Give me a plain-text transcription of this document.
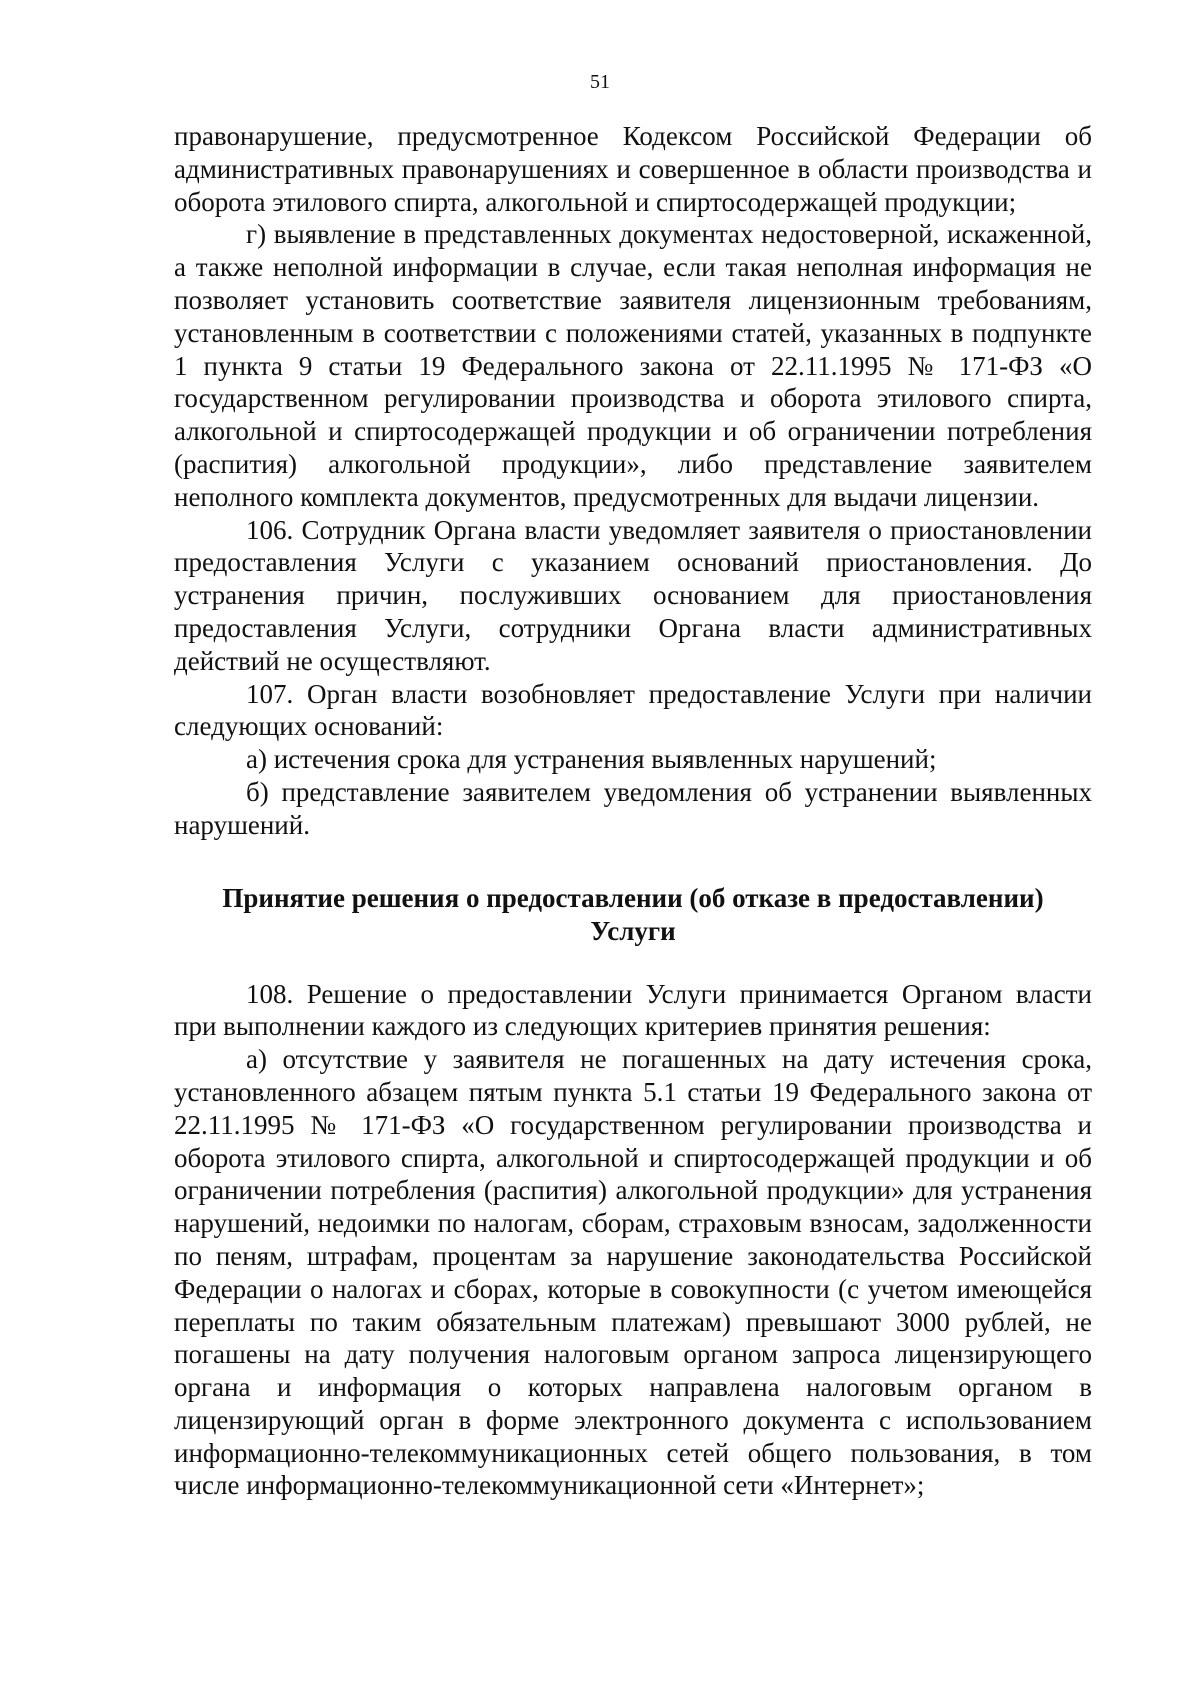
51

правонарушение, предусмотренное Кодексом Российской Федерации об административных правонарушениях и совершенное в области производства и оборота этилового спирта, алкогольной и спиртосодержащей продукции;

г) выявление в представленных документах недостоверной, искаженной, а также неполной информации в случае, если такая неполная информация не позволяет установить соответствие заявителя лицензионным требованиям, установленным в соответствии с положениями статей, указанных в подпункте 1 пункта 9 статьи 19 Федерального закона от 22.11.1995 № 171-ФЗ «О государственном регулировании производства и оборота этилового спирта, алкогольной и спиртосодержащей продукции и об ограничении потребления (распития) алкогольной продукции», либо представление заявителем неполного комплекта документов, предусмотренных для выдачи лицензии.

106. Сотрудник Органа власти уведомляет заявителя о приостановлении предоставления Услуги с указанием оснований приостановления. До устранения причин, послуживших основанием для приостановления предоставления Услуги, сотрудники Органа власти административных действий не осуществляют.

107. Орган власти возобновляет предоставление Услуги при наличии следующих оснований:

а) истечения срока для устранения выявленных нарушений;

б) представление заявителем уведомления об устранении выявленных нарушений.

Принятие решения о предоставлении (об отказе в предоставлении)
Услуги

108. Решение о предоставлении Услуги принимается Органом власти при выполнении каждого из следующих критериев принятия решения:

а) отсутствие у заявителя не погашенных на дату истечения срока, установленного абзацем пятым пункта 5.1 статьи 19 Федерального закона от 22.11.1995 № 171-ФЗ «О государственном регулировании производства и оборота этилового спирта, алкогольной и спиртосодержащей продукции и об ограничении потребления (распития) алкогольной продукции» для устранения нарушений, недоимки по налогам, сборам, страховым взносам, задолженности по пеням, штрафам, процентам за нарушение законодательства Российской Федерации о налогах и сборах, которые в совокупности (с учетом имеющейся переплаты по таким обязательным платежам) превышают 3000 рублей, не погашены на дату получения налоговым органом запроса лицензирующего органа и информация о которых направлена налоговым органом в лицензирующий орган в форме электронного документа с использованием информационно-телекоммуникационных сетей общего пользования, в том числе информационно-телекоммуникационной сети «Интернет»;
